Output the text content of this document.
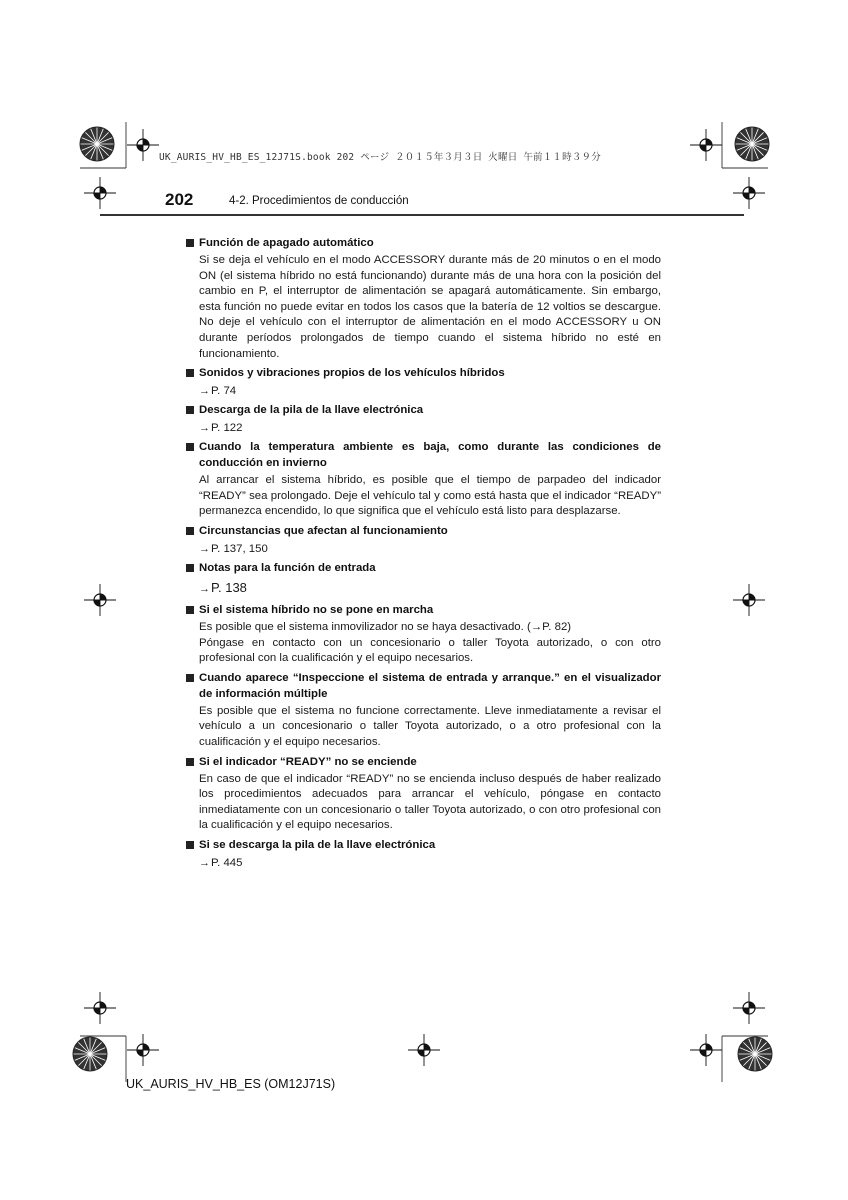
UK_AURIS_HV_HB_ES_12J71S.book 202 ページ ２０１５年３月３日 火曜日 午前１１時３９分
202	4-2. Procedimientos de conducción
Función de apagado automático
Si se deja el vehículo en el modo ACCESSORY durante más de 20 minutos o en el modo ON (el sistema híbrido no está funcionando) durante más de una hora con la posición del cambio en P, el interruptor de alimentación se apagará automáticamente. Sin embargo, esta función no puede evitar en todos los casos que la batería de 12 voltios se descargue. No deje el vehículo con el interruptor de alimentación en el modo ACCESSORY u ON durante períodos prolongados de tiempo cuando el sistema híbrido no esté en funcionamiento.
Sonidos y vibraciones propios de los vehículos híbridos
→P. 74
Descarga de la pila de la llave electrónica
→P. 122
Cuando la temperatura ambiente es baja, como durante las condiciones de conducción en invierno
Al arrancar el sistema híbrido, es posible que el tiempo de parpadeo del indicador “READY” sea prolongado. Deje el vehículo tal y como está hasta que el indicador “READY” permanezca encendido, lo que significa que el vehículo está listo para desplazarse.
Circunstancias que afectan al funcionamiento
→P. 137, 150
Notas para la función de entrada
→P. 138
Si el sistema híbrido no se pone en marcha
Es posible que el sistema inmovilizador no se haya desactivado. (→P. 82)
Póngase en contacto con un concesionario o taller Toyota autorizado, o con otro profesional con la cualificación y el equipo necesarios.
Cuando aparece “Inspeccione el sistema de entrada y arranque.” en el visualizador de información múltiple
Es posible que el sistema no funcione correctamente. Lleve inmediatamente a revisar el vehículo a un concesionario o taller Toyota autorizado, o a otro profesional con la cualificación y el equipo necesarios.
Si el indicador “READY” no se enciende
En caso de que el indicador “READY” no se encienda incluso después de haber realizado los procedimientos adecuados para arrancar el vehículo, póngase en contacto inmediatamente con un concesionario o taller Toyota autorizado, o con otro profesional con la cualificación y el equipo necesarios.
Si se descarga la pila de la llave electrónica
→P. 445
UK_AURIS_HV_HB_ES (OM12J71S)
